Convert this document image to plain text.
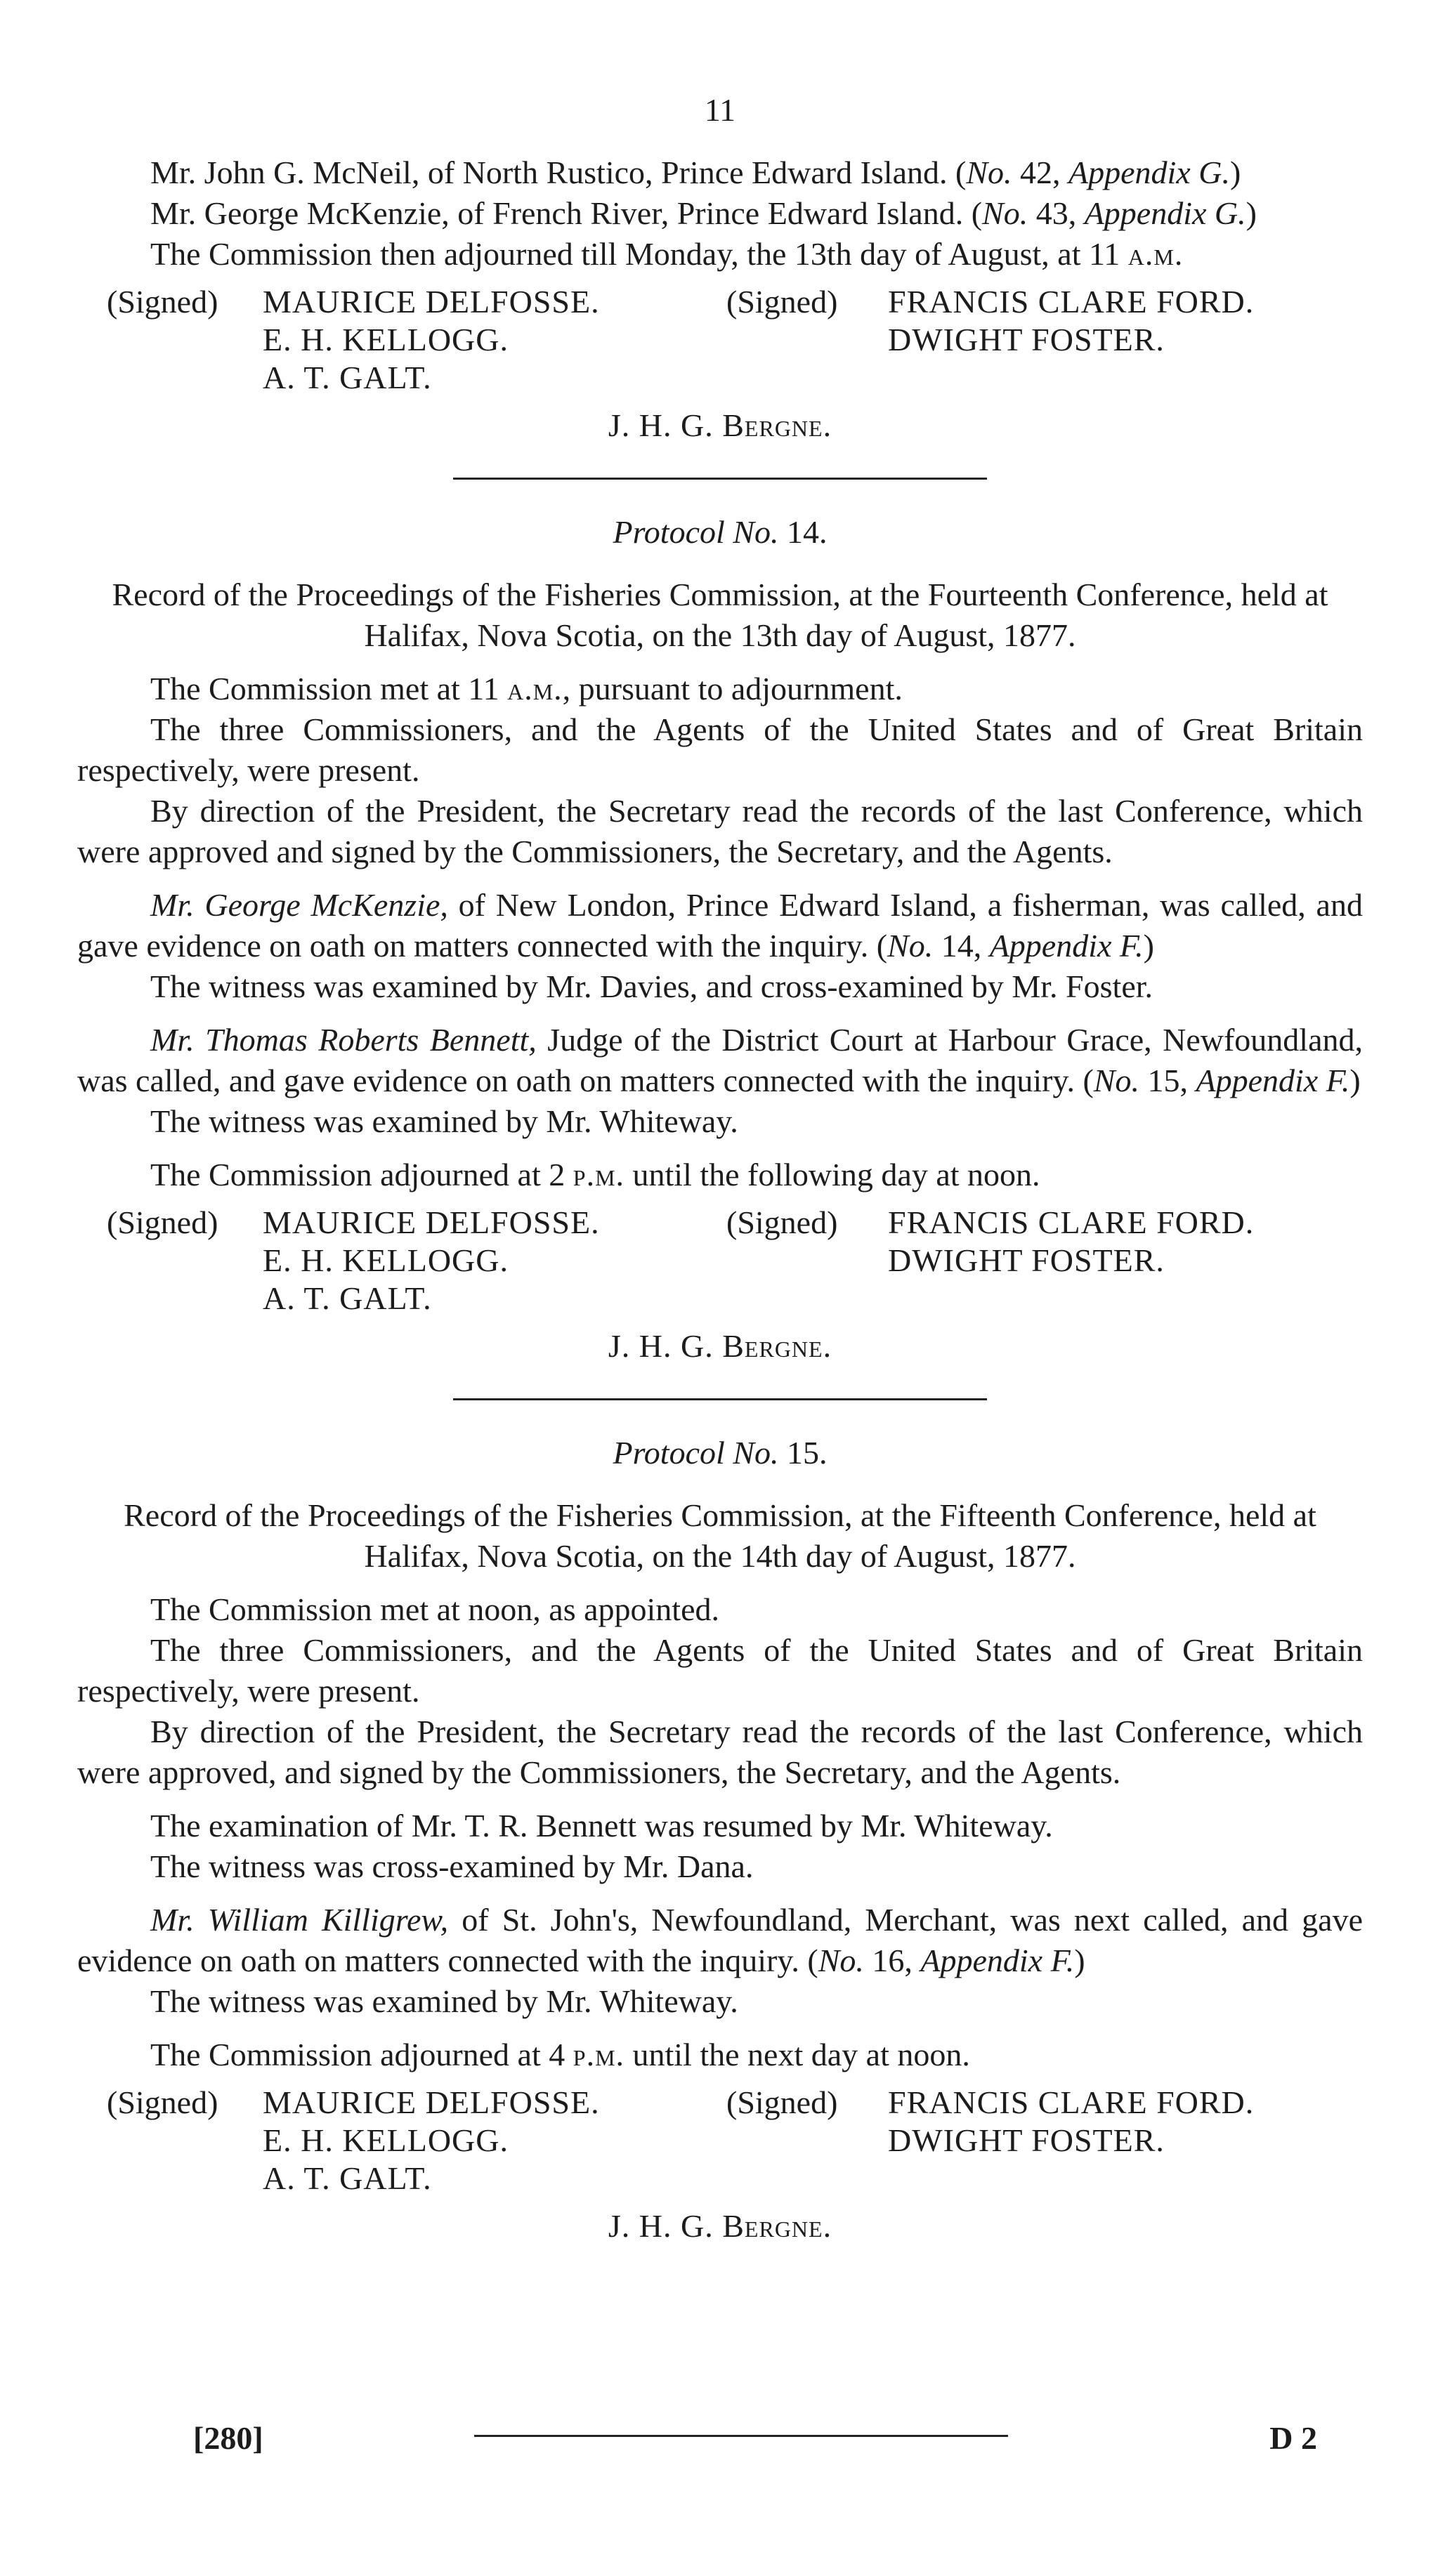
11

Mr. John G. McNeil, of North Rustico, Prince Edward Island. (No. 42, Appendix G.)

Mr. George McKenzie, of French River, Prince Edward Island. (No. 43, Appendix G.)

The Commission then adjourned till Monday, the 13th day of August, at 11 a.m.

(Signed)	MAURICE DELFOSSE.
E. H. KELLOGG.
A. T. GALT.
(Signed)	FRANCIS CLARE FORD.
DWIGHT FOSTER.
J. H. G. Bergne.
Protocol No. 14.

Record of the Proceedings of the Fisheries Commission, at the Fourteenth Conference, held at Halifax, Nova Scotia, on the 13th day of August, 1877.

The Commission met at 11 a.m., pursuant to adjournment.

The three Commissioners, and the Agents of the United States and of Great Britain respectively, were present.

By direction of the President, the Secretary read the records of the last Conference, which were approved and signed by the Commissioners, the Secretary, and the Agents.

Mr. George McKenzie, of New London, Prince Edward Island, a fisherman, was called, and gave evidence on oath on matters connected with the inquiry. (No. 14, Appendix F.)

The witness was examined by Mr. Davies, and cross-examined by Mr. Foster.

Mr. Thomas Roberts Bennett, Judge of the District Court at Harbour Grace, Newfoundland, was called, and gave evidence on oath on matters connected with the inquiry. (No. 15, Appendix F.)

The witness was examined by Mr. Whiteway.

The Commission adjourned at 2 p.m. until the following day at noon.

(Signed)	MAURICE DELFOSSE.
E. H. KELLOGG.
A. T. GALT.
(Signed)	FRANCIS CLARE FORD.
DWIGHT FOSTER.
J. H. G. Bergne.
Protocol No. 15.

Record of the Proceedings of the Fisheries Commission, at the Fifteenth Conference, held at Halifax, Nova Scotia, on the 14th day of August, 1877.

The Commission met at noon, as appointed.

The three Commissioners, and the Agents of the United States and of Great Britain respectively, were present.

By direction of the President, the Secretary read the records of the last Conference, which were approved, and signed by the Commissioners, the Secretary, and the Agents.

The examination of Mr. T. R. Bennett was resumed by Mr. Whiteway.

The witness was cross-examined by Mr. Dana.

Mr. William Killigrew, of St. John's, Newfoundland, Merchant, was next called, and gave evidence on oath on matters connected with the inquiry. (No. 16, Appendix F.)

The witness was examined by Mr. Whiteway.

The Commission adjourned at 4 p.m. until the next day at noon.

(Signed)	MAURICE DELFOSSE.
E. H. KELLOGG.
A. T. GALT.
(Signed)	FRANCIS CLARE FORD.
DWIGHT FOSTER.
J. H. G. Bergne.
[280]	D 2
